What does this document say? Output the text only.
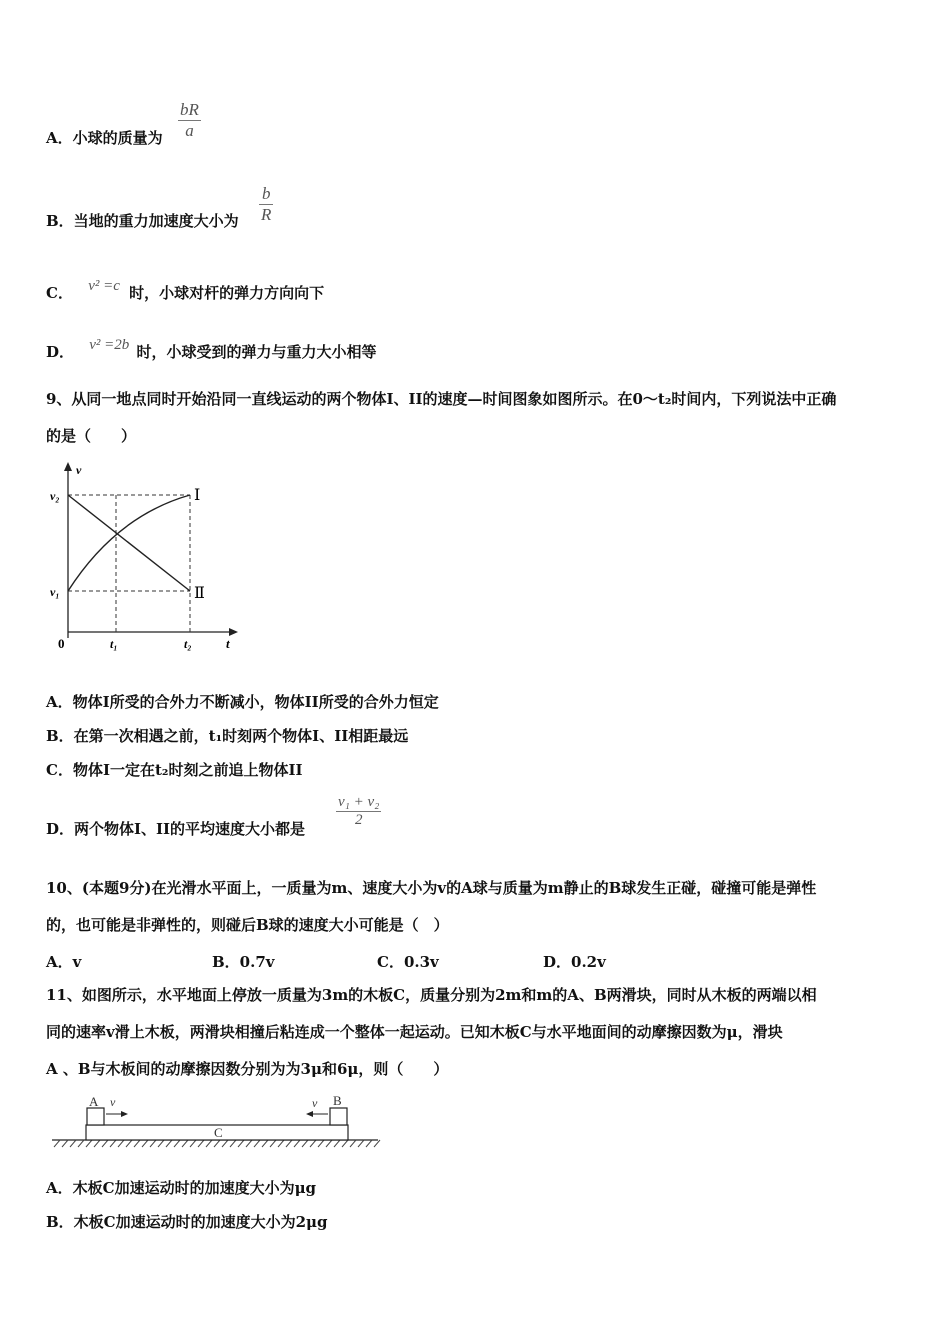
A．小球的质量为
bR
a
B．当地的重力加速度大小为
b
R
C． v² =c 时，小球对杆的弹力方向向下
D． v² =2b 时，小球受到的弹力与重力大小相等
9、从同一地点同时开始沿同一直线运动的两个物体I、II的速度—时间图象如图所示。在0～t₂时间内，下列说法中正确
的是（　　）
v
t
0
v₂
v₁
t₁	t₂
Ⅰ
Ⅱ
A．物体I所受的合外力不断减小，物体II所受的合外力恒定
B．在第一次相遇之前，t₁时刻两个物体I、II相距最远
C．物体I一定在t₂时刻之前追上物体II
D．两个物体I、II的平均速度大小都是
v₁ + v₂
2
10、(本题9分)在光滑水平面上，一质量为m、速度大小为v的A球与质量为m静止的B球发生正碰，碰撞可能是弹性
的，也可能是非弹性的，则碰后B球的速度大小可能是（　）
A．v	B．0.7v	C．0.3v	D．0.2v
11、如图所示，水平地面上停放一质量为3m的木板C，质量分别为2m和m的A、B两滑块，同时从木板的两端以相
同的速率v滑上木板，两滑块相撞后粘连成一个整体一起运动。已知木板C与水平地面间的动摩擦因数为μ，滑块
A 、B与木板间的动摩擦因数分别为为3μ和6μ，则（　　）
C
A v	B
v
A．木板C加速运动时的加速度大小为μg
B．木板C加速运动时的加速度大小为2μg
